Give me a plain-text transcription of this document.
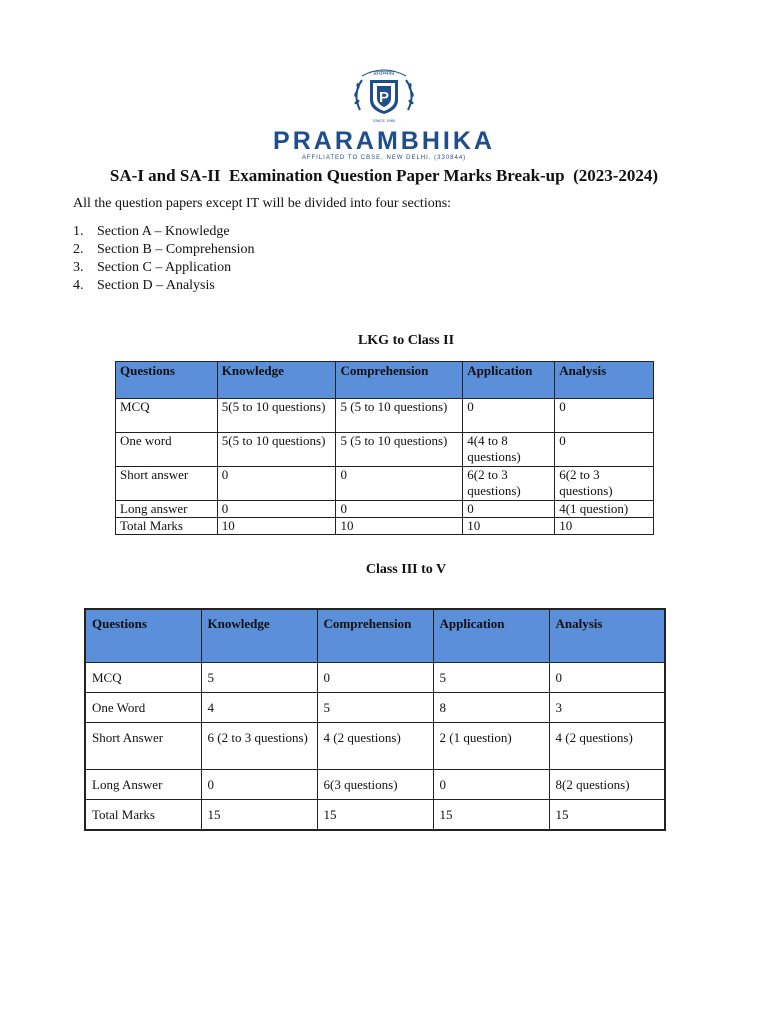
प्रारम्भिका
P
SINCE 1980
PRARAMBHIKA
AFFILIATED TO CBSE, NEW DELHI. (330844)
SA-I and SA-II  Examination Question Paper Marks Break-up  (2023-2024)
All the question papers except IT will be divided into four sections:
1. Section A – Knowledge
2. Section B – Comprehension
3. Section C – Application
4. Section D – Analysis
LKG to Class II
Questions	Knowledge	Comprehension	Application	Analysis
MCQ	5(5 to 10 questions)	5 (5 to 10 questions)	0	0
One word	5(5 to 10 questions)	5 (5 to 10 questions)	4(4 to 8 questions)	0
Short answer	0	0	6(2 to 3 questions)	6(2 to 3 questions)
Long answer	0	0	0	4(1 question)
Total Marks	10	10	10	10
Class III to V
Questions	Knowledge	Comprehension	Application	Analysis
MCQ	5	0	5	0
One Word	4	5	8	3
Short Answer	6 (2 to 3 questions)	4 (2 questions)	2 (1 question)	4 (2 questions)
Long Answer	0	6(3 questions)	0	8(2 questions)
Total Marks	15	15	15	15
